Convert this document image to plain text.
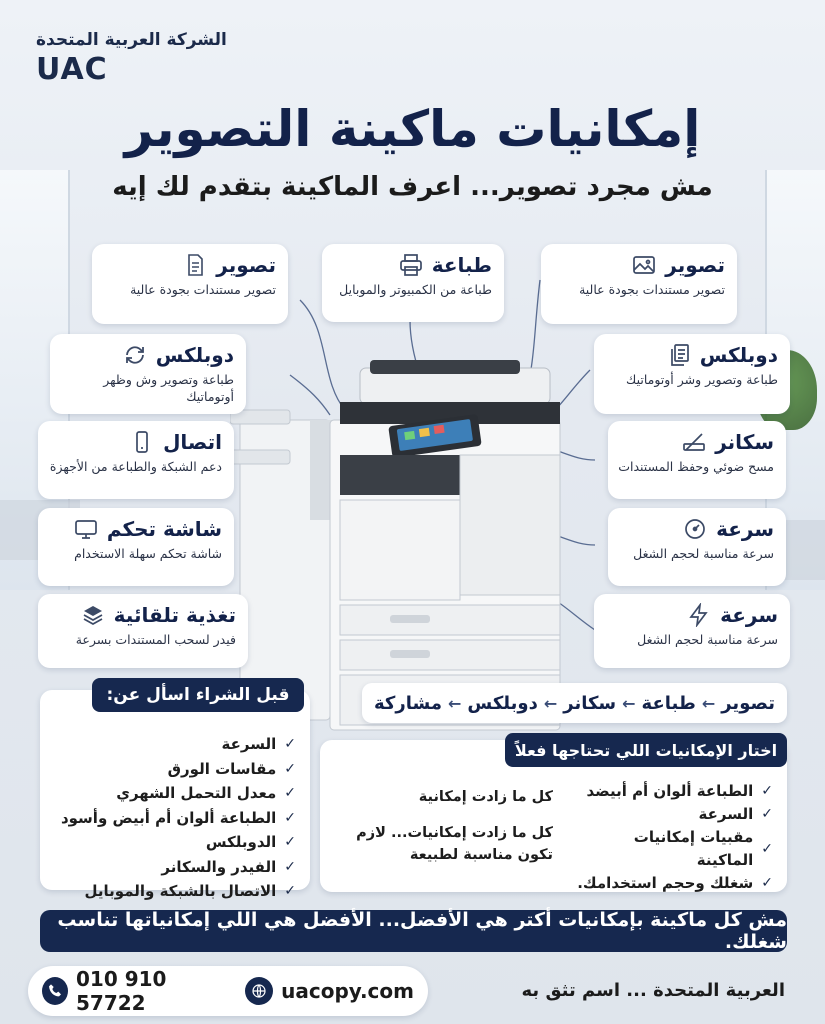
الشركة العربية المتحدة
UAC
إمكانيات ماكينة التصوير
مش مجرد تصوير... اعرف الماكينة بتقدم لك إيه
تصوير
تصوير مستندات بجودة عالية
دوبلكس
طباعة وتصوير وش وظهر أوتوماتيك
اتصال
دعم الشبكة والطباعة من الأجهزة
شاشة تحكم
شاشة تحكم سهلة الاستخدام
تغذية تلقائية
فيدر لسحب المستندات بسرعة
طباعة
طباعة من الكمبيوتر والموبايل
تصوير
تصوير مستندات بجودة عالية
دوبلكس
طباعة وتصوير وشر أوتوماتيك
سكانر
مسح ضوئي وحفظ المستندات
سرعة
سرعة مناسبة لحجم الشغل
سرعة
سرعة مناسبة لحجم الشغل
تصوير
←
طباعة
←
سكانر
←
دوبلكس
←
مشاركة
✓
السرعة
✓
مقاسات الورق
✓
معدل التحمل الشهري
✓
الطباعة ألوان أم أبيض وأسود
✓
الدوبلكس
✓
الفيدر والسكانر
✓
الاتصال بالشبكة والموبايل
قبل الشراء اسأل عن:
✓
الطباعة ألوان أم أبيضد
✓
السرعة
✓
مقبيات إمكانيات الماكينة
✓
شغلك وحجم استخدامك.
كل ما زادت إمكانية
كل ما زادت إمكانيات... لازم تكون مناسبة لطبيعة
اختار الإمكانيات اللي تحتاجها فعلاً
مش كل ماكينة بإمكانيات أكتر هي الأفضل... الأفضل هي اللي إمكانياتها تناسب شغلك.
010 910 57722	uacopy.com	العربية المتحدة ... اسم تثق به
